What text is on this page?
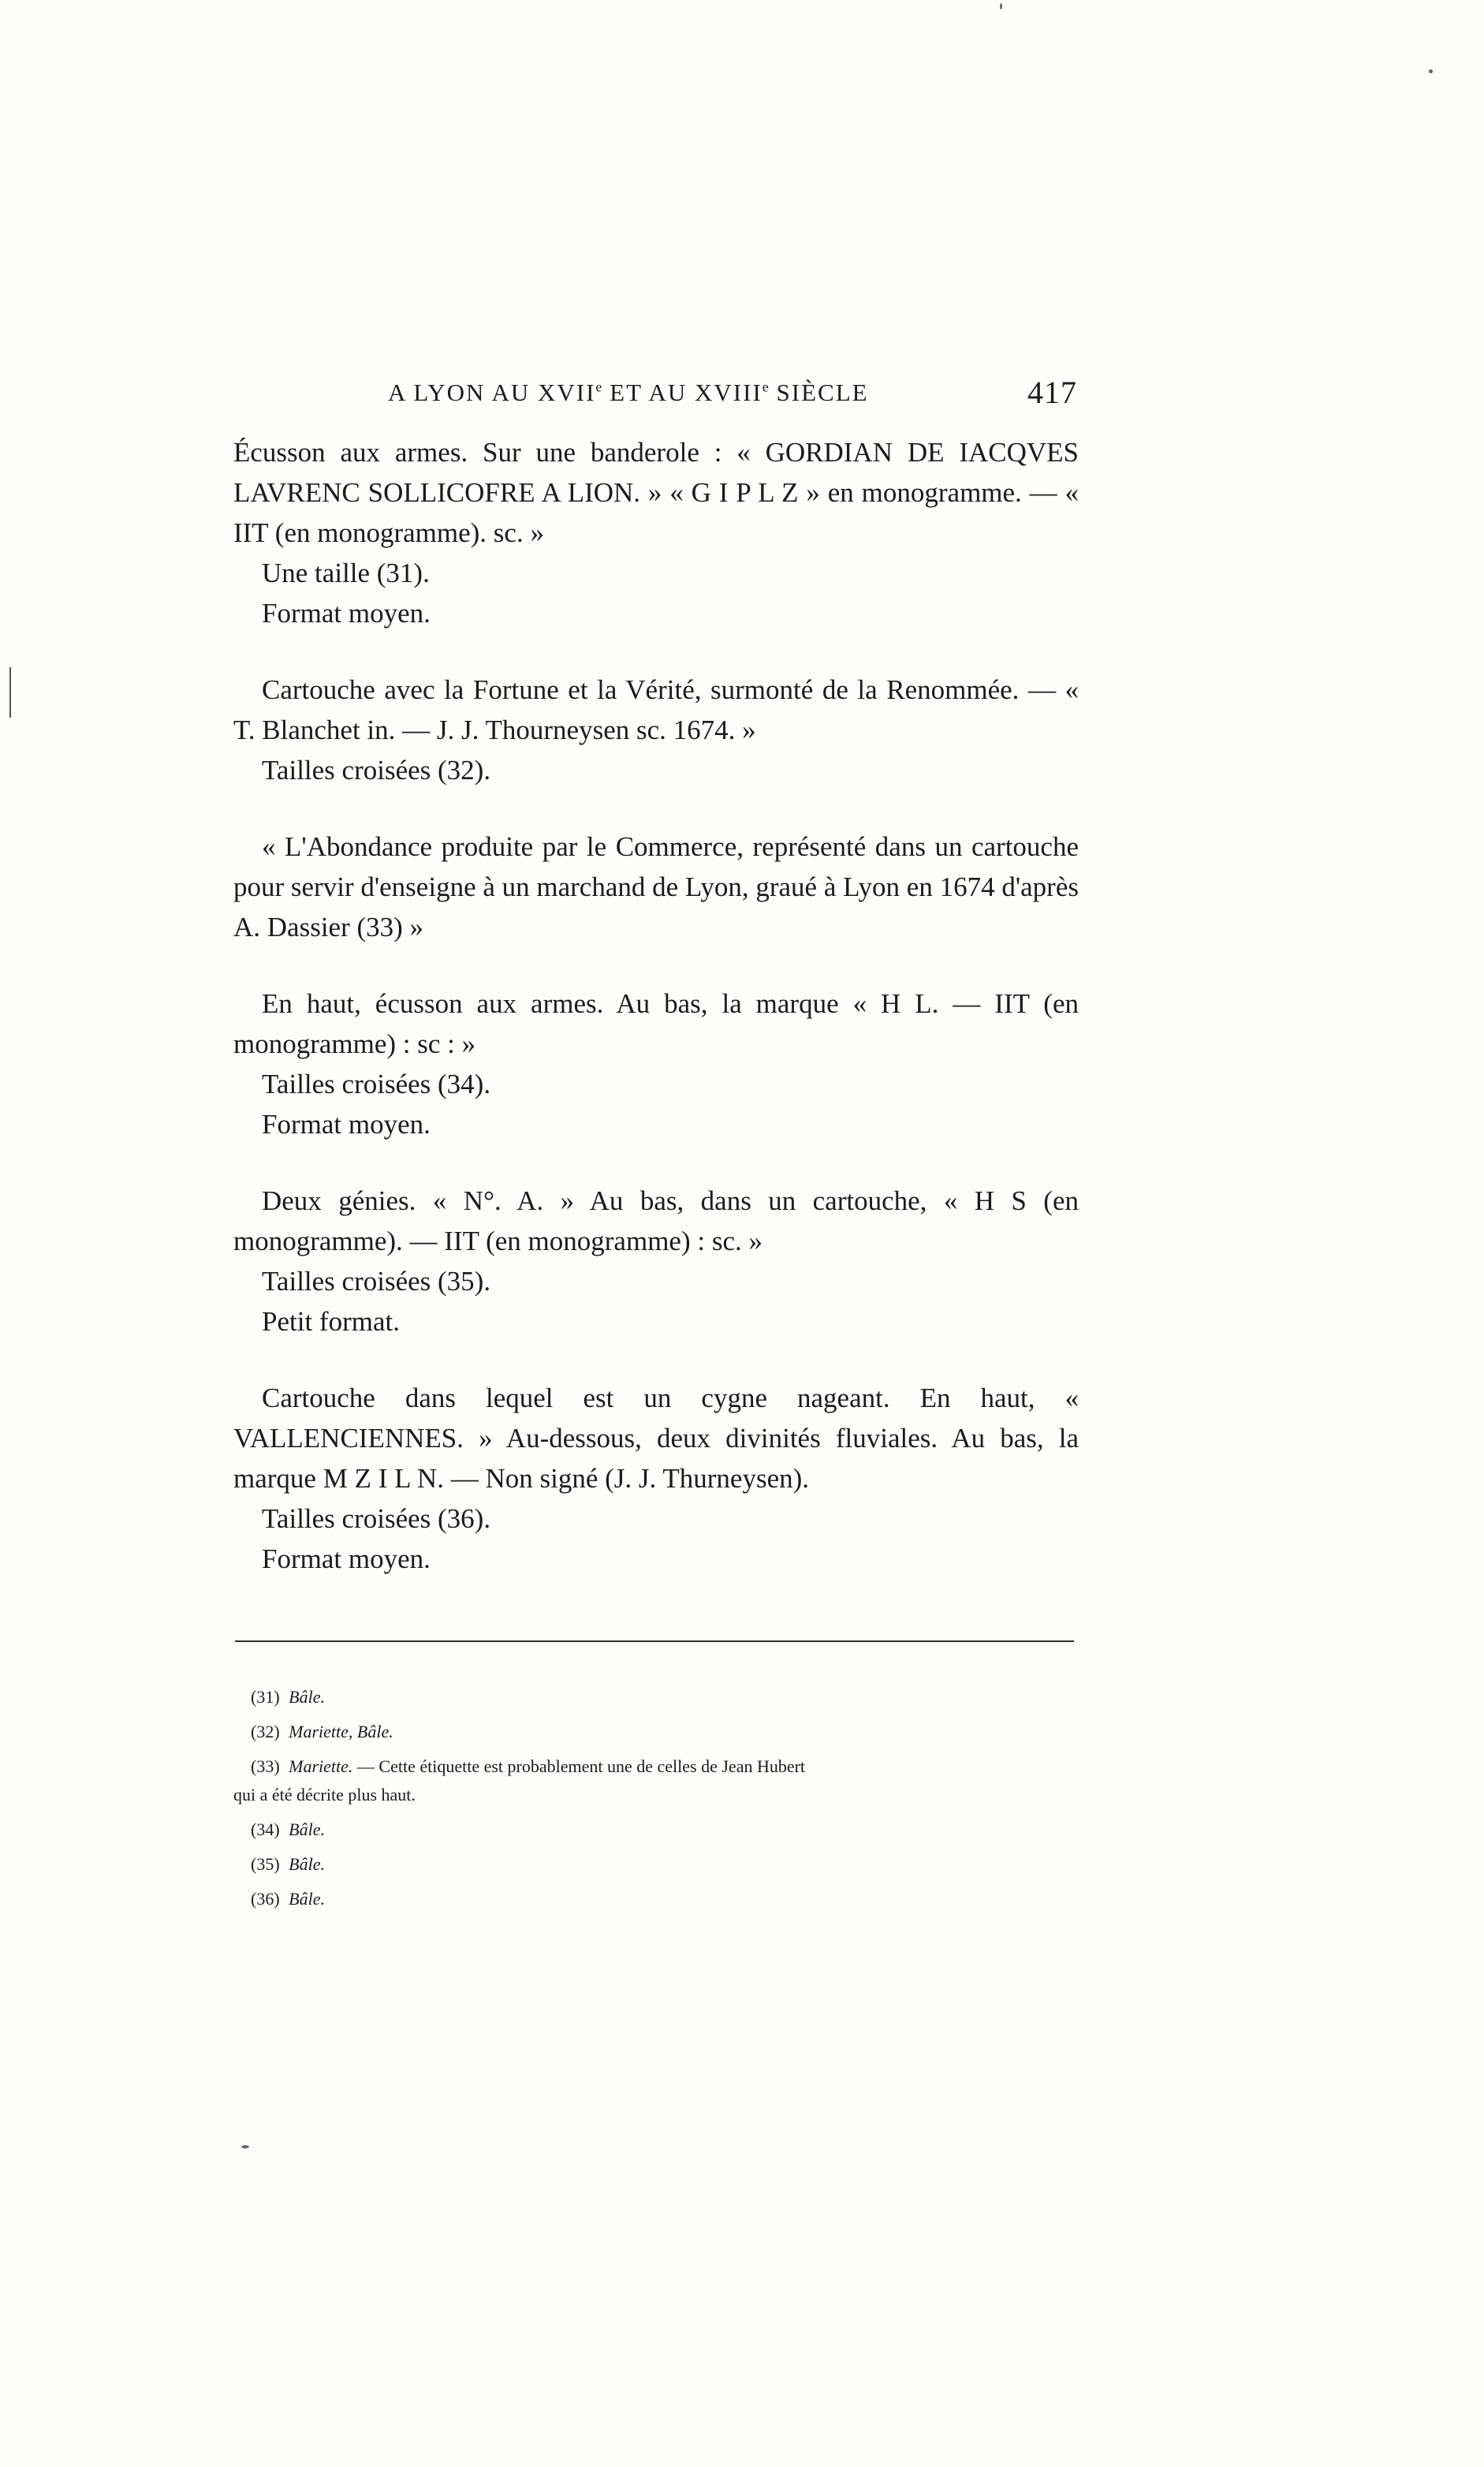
A LYON AU XVIIe ET AU XVIIIe SIÈCLE	417

Écusson aux armes. Sur une banderole : « GORDIAN DE IACQVES LAVRENC SOLLICOFRE A LION. » « G I P L Z » en monogramme. — « IIT (en monogramme). sc. »

Une taille (31).

Format moyen.

Cartouche avec la Fortune et la Vérité, surmonté de la Renommée. — « T. Blanchet in. — J. J. Thourneysen sc. 1674. »

Tailles croisées (32).

« L'Abondance produite par le Commerce, représenté dans un cartouche pour servir d'enseigne à un marchand de Lyon, graué à Lyon en 1674 d'après A. Dassier (33) »

En haut, écusson aux armes. Au bas, la marque « H L. — IIT (en monogramme) : sc : »

Tailles croisées (34).

Format moyen.

Deux génies. « N°. A. » Au bas, dans un cartouche, « H S (en monogramme). — IIT (en monogramme) : sc. »

Tailles croisées (35).

Petit format.

Cartouche dans lequel est un cygne nageant. En haut, « VALLENCIENNES. » Au-dessous, deux divinités fluviales. Au bas, la marque M Z I L N. — Non signé (J. J. Thurneysen).

Tailles croisées (36).

Format moyen.

(31) Bâle.

(32) Mariette, Bâle.

(33) Mariette. — Cette étiquette est probablement une de celles de Jean Hubert

qui a été décrite plus haut.

(34) Bâle.

(35) Bâle.

(36) Bâle.
